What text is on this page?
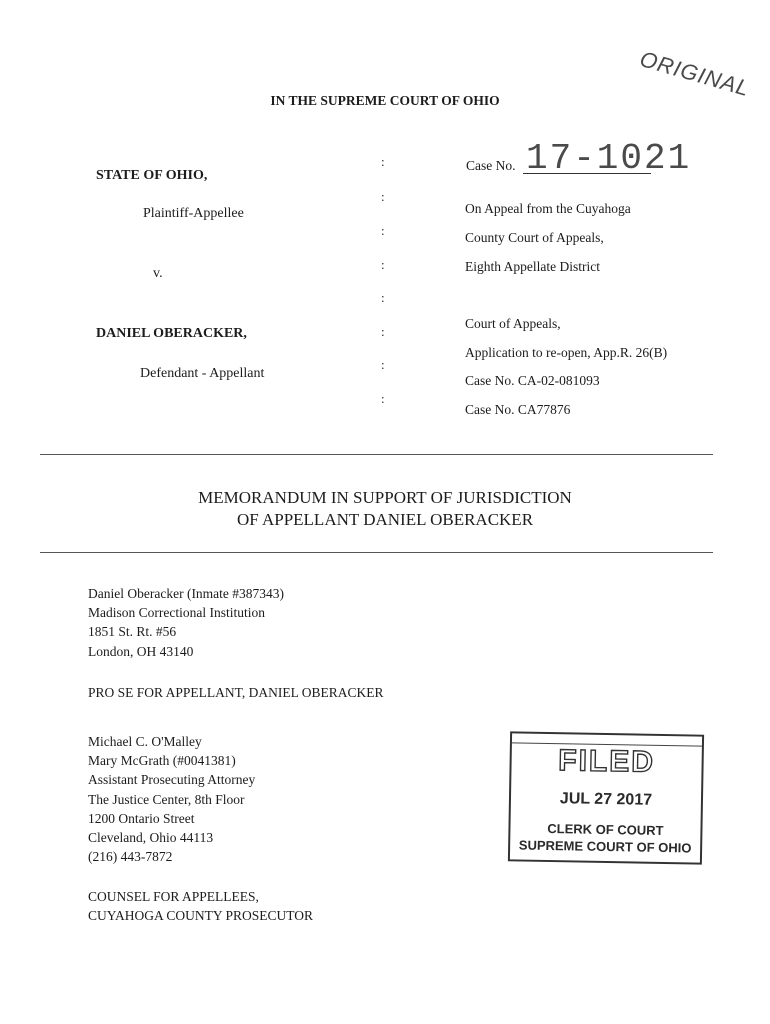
ORIGINAL
IN THE SUPREME COURT OF OHIO
STATE OF OHIO,
Plaintiff-Appellee
v.
DANIEL OBERACKER,
Defendant - Appellant
:
:
:
:
:
:
:
:
Case No. 17-1021
On Appeal from the Cuyahoga
County Court of Appeals,
Eighth Appellate District
Court of Appeals,
Application to re-open, App.R. 26(B)
Case No. CA-02-081093
Case No. CA77876
MEMORANDUM IN SUPPORT OF JURISDICTION
OF APPELLANT DANIEL OBERACKER
Daniel Oberacker (Inmate #387343)
Madison Correctional Institution
1851 St. Rt. #56
London, OH 43140
PRO SE FOR APPELLANT, DANIEL OBERACKER
Michael C. O'Malley
Mary McGrath (#0041381)
Assistant Prosecuting Attorney
The Justice Center, 8th Floor
1200 Ontario Street
Cleveland, Ohio 44113
(216) 443-7872
COUNSEL FOR APPELLEES,
CUYAHOGA COUNTY PROSECUTOR
FILED
JUL 27 2017
CLERK OF COURT
SUPREME COURT OF OHIO
